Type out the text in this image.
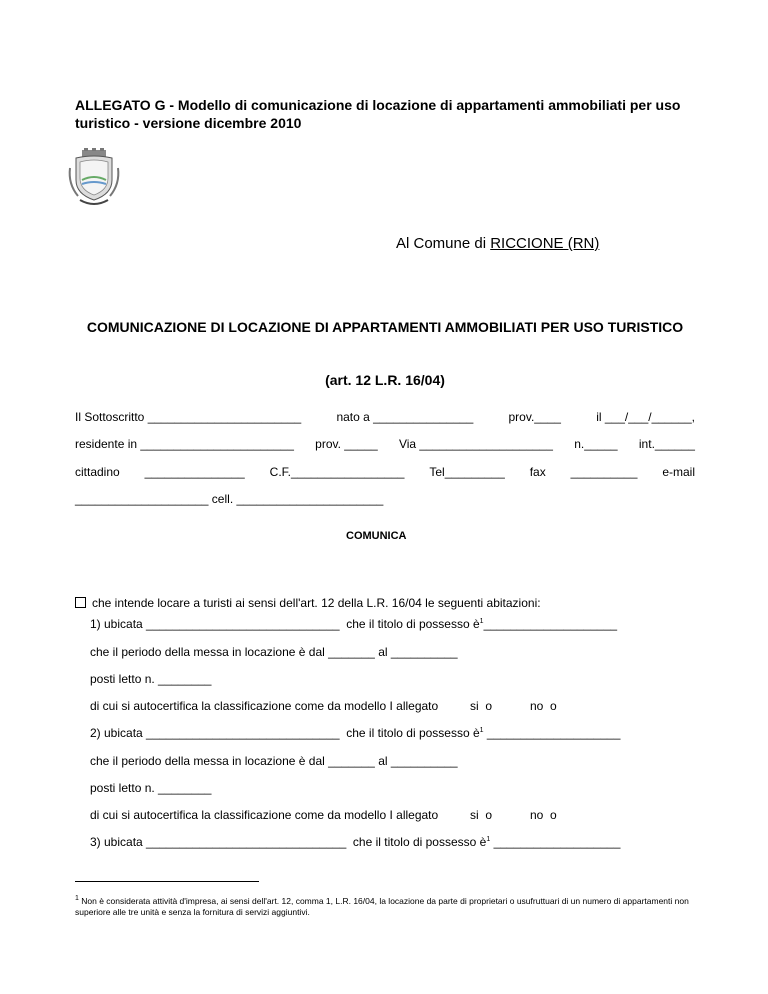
ALLEGATO G - Modello di comunicazione di locazione di appartamenti ammobiliati per uso turistico - versione dicembre 2010
Al Comune di RICCIONE (RN)
COMUNICAZIONE DI LOCAZIONE DI APPARTAMENTI AMMOBILIATI PER USO TURISTICO
(art. 12 L.R. 16/04)
Il Sottoscritto _______________________	nato a _______________	prov.____	il ___/___/______,
residente in _______________________ prov. _____ Via ____________________ n._____ int.______
cittadino _______________ C.F._________________ Tel_________ fax __________ e-mail
____________________ cell. ______________________
COMUNICA
che intende locare a turisti ai sensi dell'art. 12 della L.R. 16/04 le seguenti abitazioni:
1) ubicata _____________________________ che il titolo di possesso $è^1\_\_\_\_\_\_\_\_\_\_\_\_\_\_\_\_\_\_\_\_$
che il periodo della messa in locazione è dal _______ al __________
posti letto n. ________
di cui si autocertifica la classificazione come da modello I allegato	si o	no o
2) ubicata _____________________________ che il titolo di possesso $è^1$ ____________________
che il periodo della messa in locazione è dal _______ al __________
posti letto n. ________
di cui si autocertifica la classificazione come da modello I allegato	si o	no o
3) ubicata ______________________________ che il titolo di possesso $è^1$ ___________________
$^1$ Non è considerata attività d'impresa, ai sensi dell'art. 12, comma 1, L.R. 16/04, la locazione da parte di proprietari o usufruttuari di un numero di appartamenti non superiore alle tre unità e senza la fornitura di servizi aggiuntivi.
